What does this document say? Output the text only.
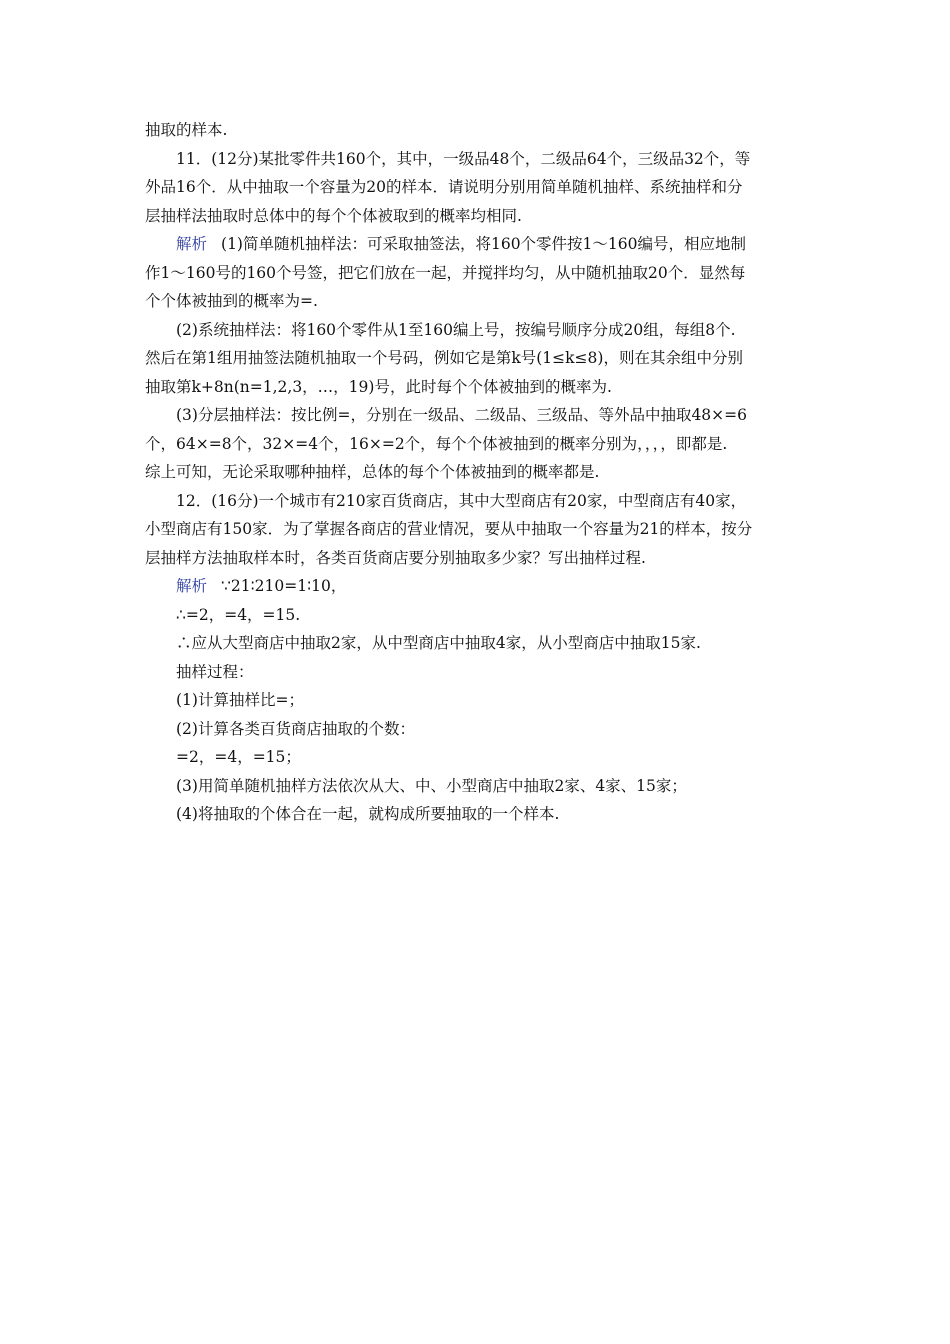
抽取的样本.
11．(12分)某批零件共160个，其中，一级品48个，二级品64个，三级品32个，等
外品16个．从中抽取一个容量为20的样本．请说明分别用简单随机抽样、系统抽样和分
层抽样法抽取时总体中的每个个体被取到的概率均相同.
解析 (1)简单随机抽样法：可采取抽签法，将160个零件按1～160编号，相应地制
作1～160号的160个号签，把它们放在一起，并搅拌均匀，从中随机抽取20个．显然每
个个体被抽到的概率为=.
(2)系统抽样法：将160个零件从1至160编上号，按编号顺序分成20组，每组8个.
然后在第1组用抽签法随机抽取一个号码，例如它是第k号(1≤k≤8)，则在其余组中分别
抽取第k+8n(n=1,2,3，…，19)号，此时每个个体被抽到的概率为.
(3)分层抽样法：按比例=，分别在一级品、二级品、三级品、等外品中抽取48×=6
个，64×=8个，32×=4个，16×=2个，每个个体被抽到的概率分别为，，，，即都是.
综上可知，无论采取哪种抽样，总体的每个个体被抽到的概率都是.
12．(16分)一个城市有210家百货商店，其中大型商店有20家，中型商店有40家，
小型商店有150家．为了掌握各商店的营业情况，要从中抽取一个容量为21的样本，按分
层抽样方法抽取样本时，各类百货商店要分别抽取多少家？写出抽样过程.
解析 ∵21∶210=1∶10，
∴=2，=4，=15.
∴应从大型商店中抽取2家，从中型商店中抽取4家，从小型商店中抽取15家.
抽样过程：
(1)计算抽样比=；
(2)计算各类百货商店抽取的个数：
=2，=4，=15；
(3)用简单随机抽样方法依次从大、中、小型商店中抽取2家、4家、15家；
(4)将抽取的个体合在一起，就构成所要抽取的一个样本.
